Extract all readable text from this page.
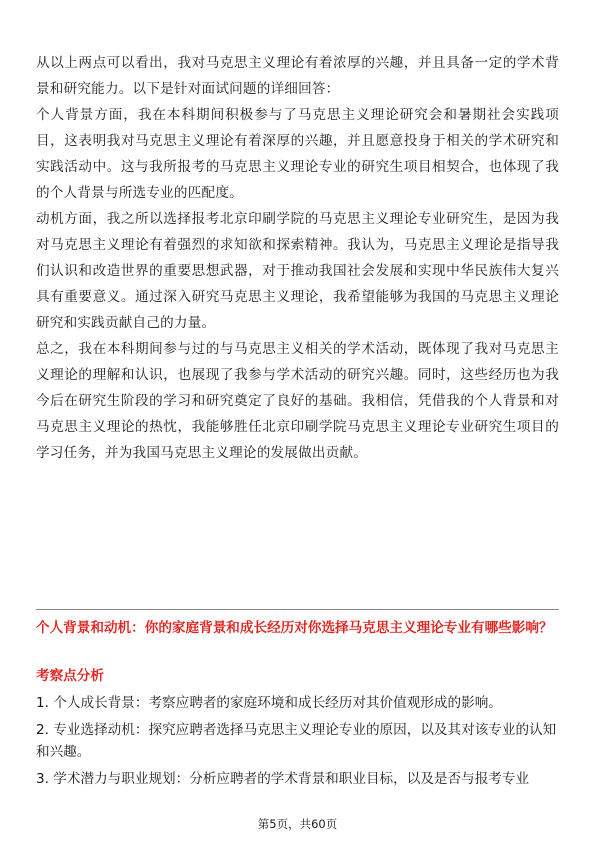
从以上两点可以看出，我对马克思主义理论有着浓厚的兴趣，并且具备一定的学术背景和研究能力。以下是针对面试问题的详细回答：

个人背景方面，我在本科期间积极参与了马克思主义理论研究会和暑期社会实践项目，这表明我对马克思主义理论有着深厚的兴趣，并且愿意投身于相关的学术研究和实践活动中。这与我所报考的马克思主义理论专业的研究生项目相契合，也体现了我的个人背景与所选专业的匹配度。

动机方面，我之所以选择报考北京印刷学院的马克思主义理论专业研究生，是因为我对马克思主义理论有着强烈的求知欲和探索精神。我认为，马克思主义理论是指导我们认识和改造世界的重要思想武器，对于推动我国社会发展和实现中华民族伟大复兴具有重要意义。通过深入研究马克思主义理论，我希望能够为我国的马克思主义理论研究和实践贡献自己的力量。

总之，我在本科期间参与过的与马克思主义相关的学术活动，既体现了我对马克思主义理论的理解和认识，也展现了我参与学术活动的研究兴趣。同时，这些经历也为我今后在研究生阶段的学习和研究奠定了良好的基础。我相信，凭借我的个人背景和对马克思主义理论的热忱，我能够胜任北京印刷学院马克思主义理论专业研究生项目的学习任务，并为我国马克思主义理论的发展做出贡献。

个人背景和动机：你的家庭背景和成长经历对你选择马克思主义理论专业有哪些影响？

考察点分析

1. 个人成长背景：考察应聘者的家庭环境和成长经历对其价值观形成的影响。
2. 专业选择动机：探究应聘者选择马克思主义理论专业的原因，以及其对该专业的认知和兴趣。
3. 学术潜力与职业规划：分析应聘者的学术背景和职业目标，以及是否与报考专业
第5页，共60页
